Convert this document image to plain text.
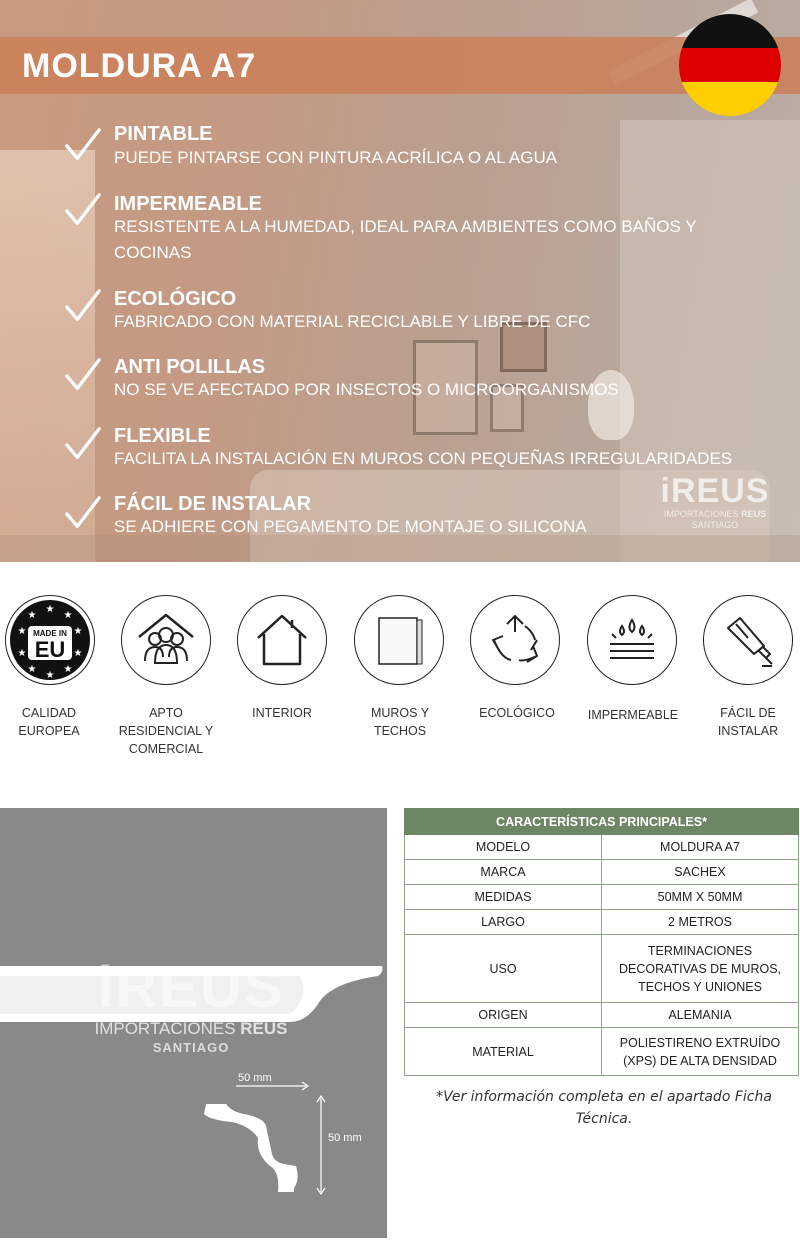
MOLDURA A7
PINTABLE
PUEDE PINTARSE CON PINTURA ACRÍLICA O AL AGUA
IMPERMEABLE
RESISTENTE A LA HUMEDAD, IDEAL PARA AMBIENTES COMO BAÑOS Y COCINAS
ECOLÓGICO
FABRICADO CON MATERIAL RECICLABLE Y LIBRE DE CFC
ANTI POLILLAS
NO SE VE AFECTADO POR INSECTOS O MICROORGANISMOS
FLEXIBLE
FACILITA LA INSTALACIÓN EN MUROS CON PEQUEÑAS IRREGULARIDADES
FÁCIL DE INSTALAR
SE ADHIERE CON PEGAMENTO DE MONTAJE O SILICONA
iREUS
IMPORTACIONES REUS
SANTIAGO
★
★	★
★	★
★	★
★	★
★
MADE IN
EU
CALIDAD EUROPEA
APTO RESIDENCIAL Y COMERCIAL
INTERIOR	MUROS Y TECHOS
ECOLÓGICO	IMPERMEABLE	FÁCIL DE INSTALAR
iREUS
IMPORTACIONES REUS
SANTIAGO
50 mm
50 mm
CARACTERÍSTICAS PRINCIPALES*	
MODELO	MOLDURA A7
MARCA	SACHEX
MEDIDAS	50MM X 50MM
LARGO	2 METROS
USO	TERMINACIONES DECORATIVAS DE MUROS, TECHOS Y UNIONES
ORIGEN	ALEMANIA
MATERIAL	POLIESTIRENO EXTRUÍDO (XPS) DE ALTA DENSIDAD
*Ver información completa en el apartado Ficha Técnica.
